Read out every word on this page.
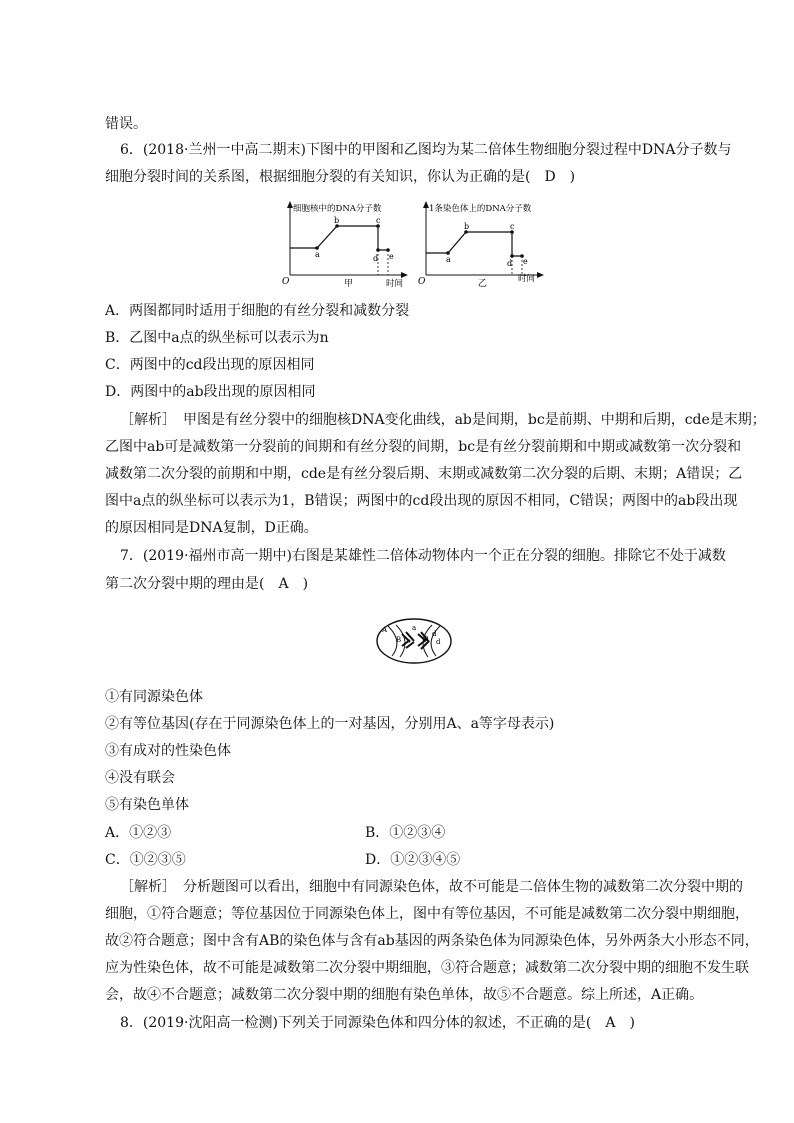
错误。
6．(2018·兰州一中高二期末)下图中的甲图和乙图均为某二倍体生物细胞分裂过程中DNA分子数与
细胞分裂时间的关系图，根据细胞分裂的有关知识，你认为正确的是(　D　)
细胞核中的DNA分子数
a
b	c
d e
O	甲	时间
1条染色体上的DNA分子数
a
b	c
d e
O	乙	时间
A．两图都同时适用于细胞的有丝分裂和减数分裂
B．乙图中a点的纵坐标可以表示为n
C．两图中的cd段出现的原因相同
D．两图中的ab段出现的原因相同
［解析］　甲图是有丝分裂中的细胞核DNA变化曲线，ab是间期，bc是前期、中期和后期，cde是末期；
乙图中ab可是减数第一分裂前的间期和有丝分裂的间期，bc是有丝分裂前期和中期或减数第一次分裂和
减数第二次分裂的前期和中期，cde是有丝分裂后期、末期或减数第二次分裂的后期、末期；A错误；乙
图中a点的纵坐标可以表示为1，B错误；两图中的cd段出现的原因不相同，C错误；两图中的ab段出现
的原因相同是DNA复制，D正确。
7．(2019·福州市高一期中)右图是某雄性二倍体动物体内一个正在分裂的细胞。排除它不处于减数
第二次分裂中期的理由是(　A　)
A
B
a
b d
d
①有同源染色体
②有等位基因(存在于同源染色体上的一对基因，分别用A、a等字母表示)
③有成对的性染色体
④没有联会
⑤有染色单体
A．①②③	B．①②③④
C．①②③⑤	D．①②③④⑤
［解析］　分析题图可以看出，细胞中有同源染色体，故不可能是二倍体生物的减数第二次分裂中期的
细胞，①符合题意；等位基因位于同源染色体上，图中有等位基因，不可能是减数第二次分裂中期细胞，
故②符合题意；图中含有AB的染色体与含有ab基因的两条染色体为同源染色体，另外两条大小形态不同，
应为性染色体，故不可能是减数第二次分裂中期细胞，③符合题意；减数第二次分裂中期的细胞不发生联
会，故④不合题意；减数第二次分裂中期的细胞有染色单体，故⑤不合题意。综上所述，A正确。
8．(2019·沈阳高一检测)下列关于同源染色体和四分体的叙述，不正确的是(　A　)
